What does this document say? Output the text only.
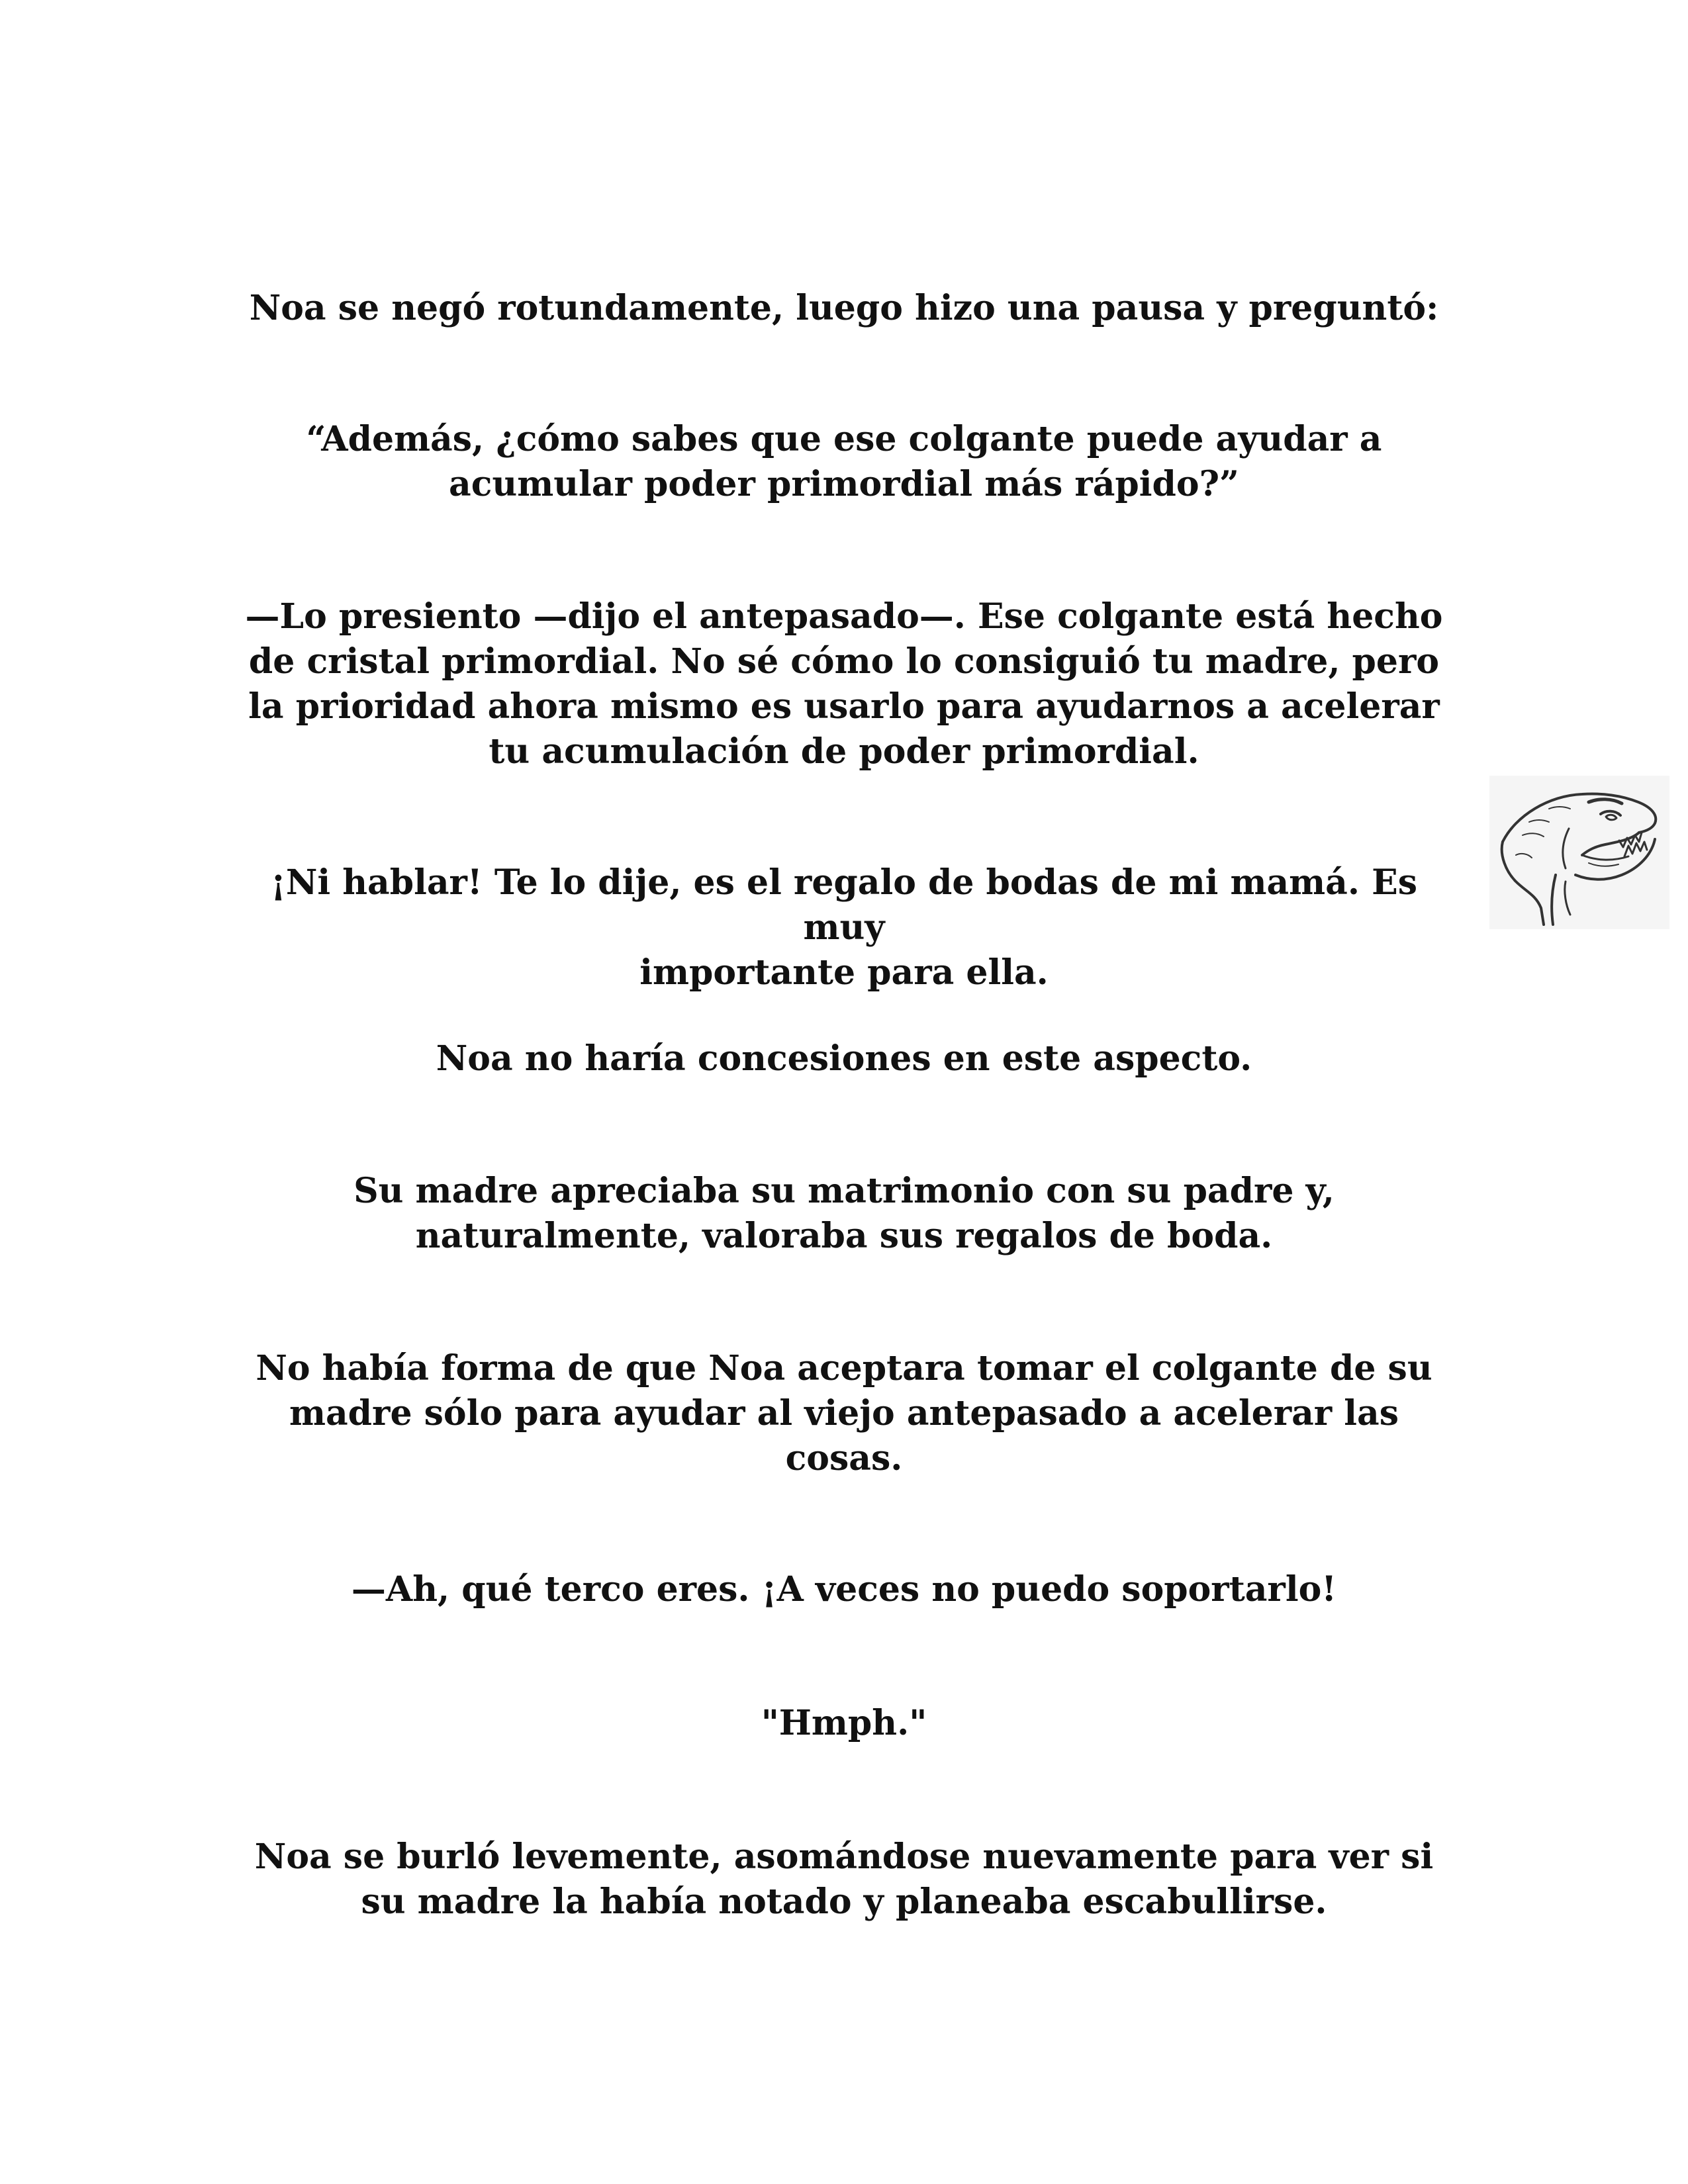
Noa se negó rotundamente, luego hizo una pausa y preguntó:

“Además, ¿cómo sabes que ese colgante puede ayudar a
acumular poder primordial más rápido?”

—Lo presiento —dijo el antepasado—. Ese colgante está hecho
de cristal primordial. No sé cómo lo consiguió tu madre, pero
la prioridad ahora mismo es usarlo para ayudarnos a acelerar
tu acumulación de poder primordial.

¡Ni hablar! Te lo dije, es el regalo de bodas de mi mamá. Es muy
importante para ella.

Noa no haría concesiones en este aspecto.

Su madre apreciaba su matrimonio con su padre y,
naturalmente, valoraba sus regalos de boda.

No había forma de que Noa aceptara tomar el colgante de su
madre sólo para ayudar al viejo antepasado a acelerar las
cosas.

—Ah, qué terco eres. ¡A veces no puedo soportarlo!

"Hmph."

Noa se burló levemente, asomándose nuevamente para ver si
su madre la había notado y planeaba escabullirse.
